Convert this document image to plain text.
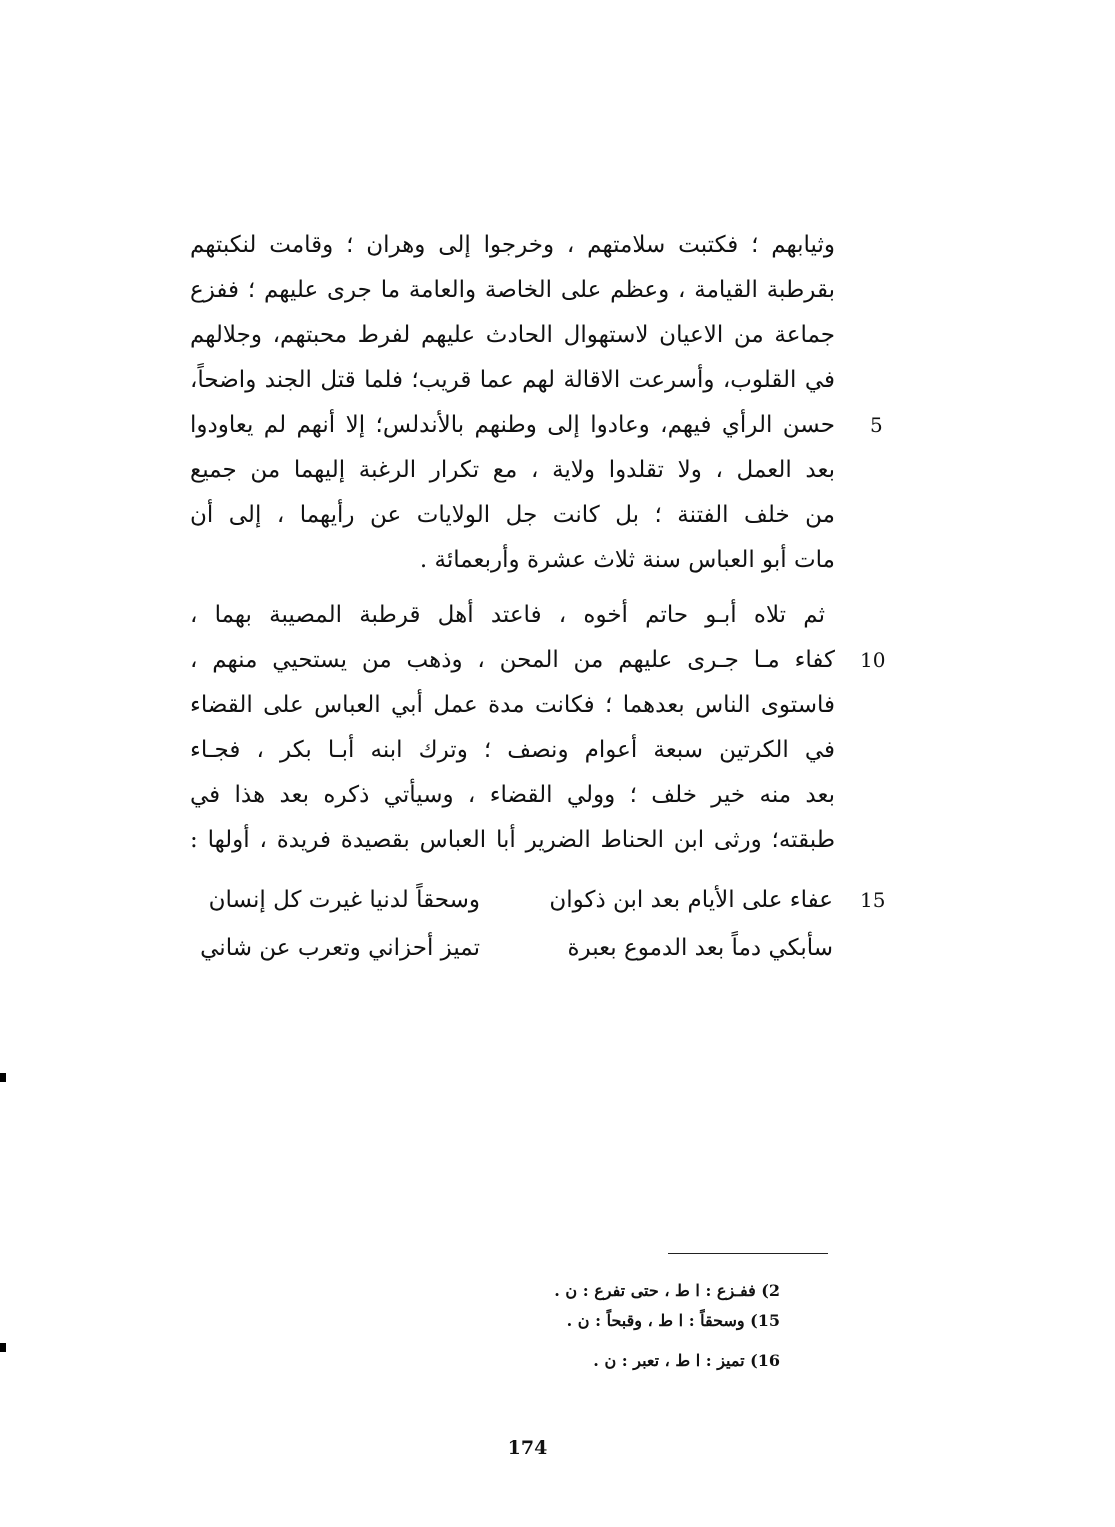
وثيابهم ؛ فكتبت سلامتهم ، وخرجوا إلى وهران ؛ وقامت لنكبتهم
بقرطبة القيامة ، وعظم على الخاصة والعامة ما جرى عليهم ؛ ففزع
جماعة من الاعيان لاستهوال الحادث عليهم لفرط محبتهم، وجلالهم
في القلوب، وأسرعت الاقالة لهم عما قريب؛ فلما قتل الجند واضحاً،
حسن الرأي فيهم، وعادوا إلى وطنهم بالأندلس؛ إلا أنهم لم يعاودوا 5
بعد العمل ، ولا تقلدوا ولاية ، مع تكرار الرغبة إليهما من جميع
من خلف الفتنة ؛ بل كانت جل الولايات عن رأيهما ، إلى أن
مات أبو العباس سنة ثلاث عشرة وأربعمائة .
ثم تلاه أبـو حاتم أخوه ، فاعتد أهل قرطبة المصيبة بهما ،
كفاء مـا جـرى عليهم من المحن ، وذهب من يستحيي منهم ، 10
فاستوى الناس بعدهما ؛ فكانت مدة عمل أبي العباس على القضاء
في الكرتين سبعة أعوام ونصف ؛ وترك ابنه أبـا بكر ، فجـاء
بعد منه خير خلف ؛ وولي القضاء ، وسيأتي ذكره بعد هذا في
طبقته؛ ورثى ابن الحناط الضرير أبا العباس بقصيدة فريدة ، أولها :
15
عفاء على الأيام بعد ابن ذكوان
وسحقاً لدنيا غيرت كل إنسان
سأبكي دماً بعد الدموع بعبرة
تميز أحزاني وتعرب عن شاني
2) ففـزع : ا ط ، حتى تفرع : ن .
15) وسحقاً : ا ط ، وقبحاً : ن .
16) تميز : ا ط ، تعبر : ن .
174
